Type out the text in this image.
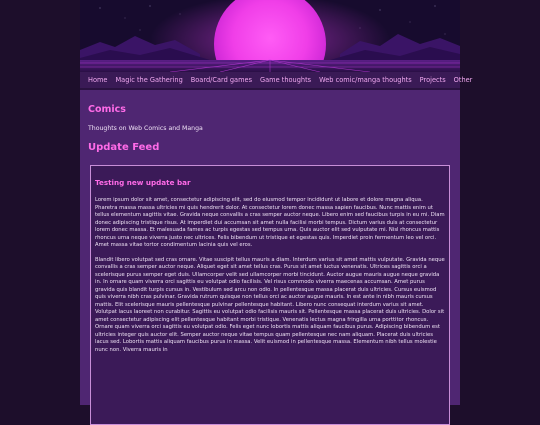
Home Magic the Gathering Board/Card games Game thoughts Web comic/manga thoughts Projects Other
Comics

Thoughts on Web Comics and Manga

Update Feed
Testing new update bar

Lorem ipsum dolor sit amet, consectetur adipiscing elit, sed do eiusmod tempor incididunt ut labore et dolore magna aliqua. Pharetra massa massa ultricies mi quis hendrerit dolor. At consectetur lorem donec massa sapien faucibus. Nunc mattis enim ut tellus elementum sagittis vitae. Gravida neque convallis a cras semper auctor neque. Libero enim sed faucibus turpis in eu mi. Diam donec adipiscing tristique risus. At imperdiet dui accumsan sit amet nulla facilisi morbi tempus. Dictum varius duis at consectetur lorem donec massa. Et malesuada fames ac turpis egestas sed tempus urna. Quis auctor elit sed vulputate mi. Nisl rhoncus mattis rhoncus urna neque viverra justo nec ultrices. Felis bibendum ut tristique et egestas quis. Imperdiet proin fermentum leo vel orci. Amet massa vitae tortor condimentum lacinia quis vel eros.

Blandit libero volutpat sed cras ornare. Vitae suscipit tellus mauris a diam. Interdum varius sit amet mattis vulputate. Gravida neque convallis a cras semper auctor neque. Aliquet eget sit amet tellus cras. Purus sit amet luctus venenatis. Ultrices sagittis orci a scelerisque purus semper eget duis. Ullamcorper velit sed ullamcorper morbi tincidunt. Auctor augue mauris augue neque gravida in. In ornare quam viverra orci sagittis eu volutpat odio facilisis. Vel risus commodo viverra maecenas accumsan. Amet purus gravida quis blandit turpis cursus in. Vestibulum sed arcu non odio. In pellentesque massa placerat duis ultricies. Cursus euismod quis viverra nibh cras pulvinar. Gravida rutrum quisque non tellus orci ac auctor augue mauris. In est ante in nibh mauris cursus mattis. Elit scelerisque mauris pellentesque pulvinar pellentesque habitant. Libero nunc consequat interdum varius sit amet. Volutpat lacus laoreet non curabitur. Sagittis eu volutpat odio facilisis mauris sit. Pellentesque massa placerat duis ultricies. Dolor sit amet consectetur adipiscing elit pellentesque habitant morbi tristique. Venenatis lectus magna fringilla urna porttitor rhoncus. Ornare quam viverra orci sagittis eu volutpat odio. Felis eget nunc lobortis mattis aliquam faucibus purus. Adipiscing bibendum est ultricies integer quis auctor elit. Semper auctor neque vitae tempus quam pellentesque nec nam aliquam. Placerat duis ultricies lacus sed. Lobortis mattis aliquam faucibus purus in massa. Velit euismod in pellentesque massa. Elementum nibh tellus molestie nunc non. Viverra mauris in
